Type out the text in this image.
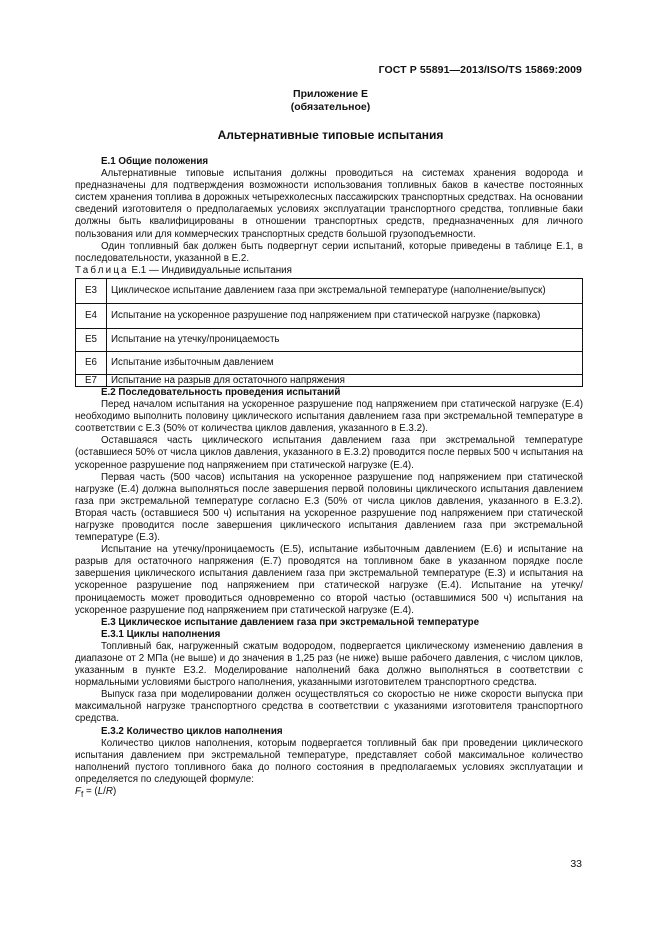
ГОСТ Р 55891—2013/ISO/TS 15869:2009
Приложение Е
(обязательное)
Альтернативные типовые испытания
Е.1 Общие положения

Альтернативные типовые испытания должны проводиться на системах хранения водорода и предназначены для подтверждения возможности использования топливных баков в качестве постоянных систем хранения топлива в дорожных четырехколесных пассажирских транспортных средствах. На основании сведений изготовителя о предполагаемых условиях эксплуатации транспортного средства, топливные баки должны быть квалифицированы в отношении транспортных средств, предназначенных для личного пользования или для коммерческих транспортных средств большой грузоподъемности.

Один топливный бак должен быть подвергнут серии испытаний, которые приведены в таблице Е.1, в последовательности, указанной в Е.2.

Таблица Е.1 — Индивидуальные испытания

Е3	Циклическое испытание давлением газа при экстремальной температуре (наполнение/выпуск)
Е4	Испытание на ускоренное разрушение под напряжением при статической нагрузке (парковка)
Е5	Испытание на утечку/проницаемость
Е6	Испытание избыточным давлением
Е7	Испытание на разрыв для остаточного напряжения
Е.2 Последовательность проведения испытаний

Перед началом испытания на ускоренное разрушение под напряжением при статической нагрузке (Е.4) необходимо выполнить половину циклического испытания давлением газа при экстремальной температуре в соответствии с Е.3 (50% от количества циклов давления, указанного в Е.3.2).

Оставшаяся часть циклического испытания давлением газа при экстремальной температуре (оставшиеся 50% от числа циклов давления, указанного в Е.3.2) проводится после первых 500 ч испытания на ускоренное разрушение под напряжением при статической нагрузке (Е.4).

Первая часть (500 часов) испытания на ускоренное разрушение под напряжением при статической нагрузке (Е.4) должна выполняться после завершения первой половины циклического испытания давлением газа при экстремальной температуре согласно Е.3 (50% от числа циклов давления, указанного в Е.3.2). Вторая часть (оставшиеся 500 ч) испытания на ускоренное разрушение под напряжением при статической нагрузке проводится после завершения циклического испытания давлением газа при экстремальной температуре (Е.3).

Испытание на утечку/проницаемость (Е.5), испытание избыточным давлением (Е.6) и испытание на разрыв для остаточного напряжения (Е.7) проводятся на топливном баке в указанном порядке после завершения циклического испытания давлением газа при экстремальной температуре (Е.3) и испытания на ускоренное разрушение под напряжением при статической нагрузке (Е.4). Испытание на утечку/проницаемость может проводиться одновременно со второй частью (оставшимися 500 ч) испытания на ускоренное разрушение под напряжением при статической нагрузке (Е.4).

Е.3 Циклическое испытание давлением газа при экстремальной температуре
Е.3.1 Циклы наполнения

Топливный бак, нагруженный сжатым водородом, подвергается циклическому изменению давления в диапазоне от 2 МПа (не выше) и до значения в 1,25 раз (не ниже) выше рабочего давления, с числом циклов, указанным в пункте Е3.2. Моделирование наполнений бака должно выполняться в соответствии с нормальными условиями быстрого наполнения, указанными изготовителем транспортного средства.

Выпуск газа при моделировании должен осуществляться со скоростью не ниже скорости выпуска при максимальной нагрузке транспортного средства в соответствии с указаниями изготовителя транспортного средства.

Е.3.2 Количество циклов наполнения

Количество циклов наполнения, которым подвергается топливный бак при проведении циклического испытания давлением при экстремальной температуре, представляет собой максимальное количество наполнений пустого топливного бака до полного состояния в предполагаемых условиях эксплуатации и определяется по следующей формуле:

$F_f = (L/R)$

33
